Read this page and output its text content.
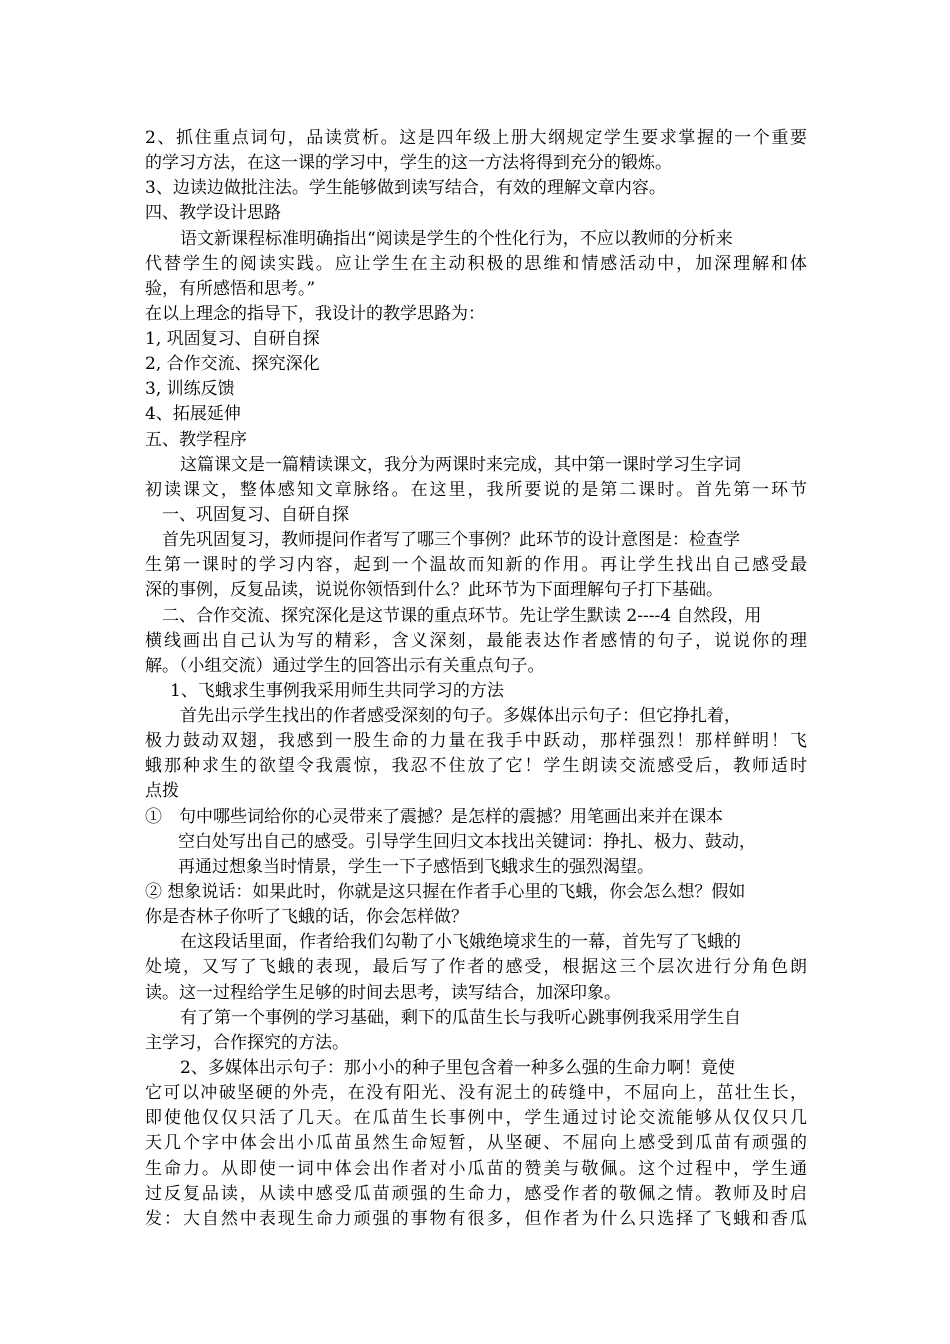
2、抓住重点词句，品读赏析。这是四年级上册大纲规定学生要求掌握的一个重要
的学习方法，在这一课的学习中，学生的这一方法将得到充分的锻炼。
3、边读边做批注法。学生能够做到读写结合，有效的理解文章内容。
四、教学设计思路
语文新课程标准明确指出“阅读是学生的个性化行为，不应以教师的分析来
代替学生的阅读实践。应让学生在主动积极的思维和情感活动中，加深理解和体
验，有所感悟和思考。”
在以上理念的指导下，我设计的教学思路为：
1, 巩固复习、自研自探
2, 合作交流、探究深化
3, 训练反馈
4、拓展延伸
五、教学程序
这篇课文是一篇精读课文，我分为两课时来完成，其中第一课时学习生字词
初读课文，整体感知文章脉络。在这里，我所要说的是第二课时。首先第一环节
一、巩固复习、自研自探
首先巩固复习，教师提问作者写了哪三个事例？此环节的设计意图是：检查学
生第一课时的学习内容，起到一个温故而知新的作用。再让学生找出自己感受最
深的事例，反复品读，说说你领悟到什么？此环节为下面理解句子打下基础。
二、合作交流、探究深化是这节课的重点环节。先让学生默读 2----4 自然段，用
横线画出自己认为写的精彩，含义深刻，最能表达作者感情的句子，说说你的理
解。（小组交流）通过学生的回答出示有关重点句子。
1、飞蛾求生事例我采用师生共同学习的方法
首先出示学生找出的作者感受深刻的句子。多媒体出示句子：但它挣扎着，
极力鼓动双翅，我感到一股生命的力量在我手中跃动，那样强烈！那样鲜明！飞
蛾那种求生的欲望令我震惊，我忍不住放了它！学生朗读交流感受后，教师适时
点拨
①　句中哪些词给你的心灵带来了震撼？是怎样的震撼？用笔画出来并在课本
空白处写出自己的感受。引导学生回归文本找出关键词：挣扎、极力、鼓动，
再通过想象当时情景，学生一下子感悟到飞蛾求生的强烈渴望。
② 想象说话：如果此时，你就是这只握在作者手心里的飞蛾，你会怎么想？假如
你是杏林子你听了飞蛾的话，你会怎样做？
在这段话里面，作者给我们勾勒了小飞娥绝境求生的一幕，首先写了飞蛾的
处境，又写了飞蛾的表现，最后写了作者的感受，根据这三个层次进行分角色朗
读。这一过程给学生足够的时间去思考，读写结合，加深印象。
有了第一个事例的学习基础，剩下的瓜苗生长与我听心跳事例我采用学生自
主学习，合作探究的方法。
2、多媒体出示句子：那小小的种子里包含着一种多么强的生命力啊！竟使
它可以冲破坚硬的外壳，在没有阳光、没有泥土的砖缝中，不屈向上，茁壮生长，
即使他仅仅只活了几天。在瓜苗生长事例中，学生通过讨论交流能够从仅仅只几
天几个字中体会出小瓜苗虽然生命短暂，从坚硬、不屈向上感受到瓜苗有顽强的
生命力。从即使一词中体会出作者对小瓜苗的赞美与敬佩。这个过程中，学生通
过反复品读，从读中感受瓜苗顽强的生命力，感受作者的敬佩之情。教师及时启
发：大自然中表现生命力顽强的事物有很多，但作者为什么只选择了飞蛾和香瓜
